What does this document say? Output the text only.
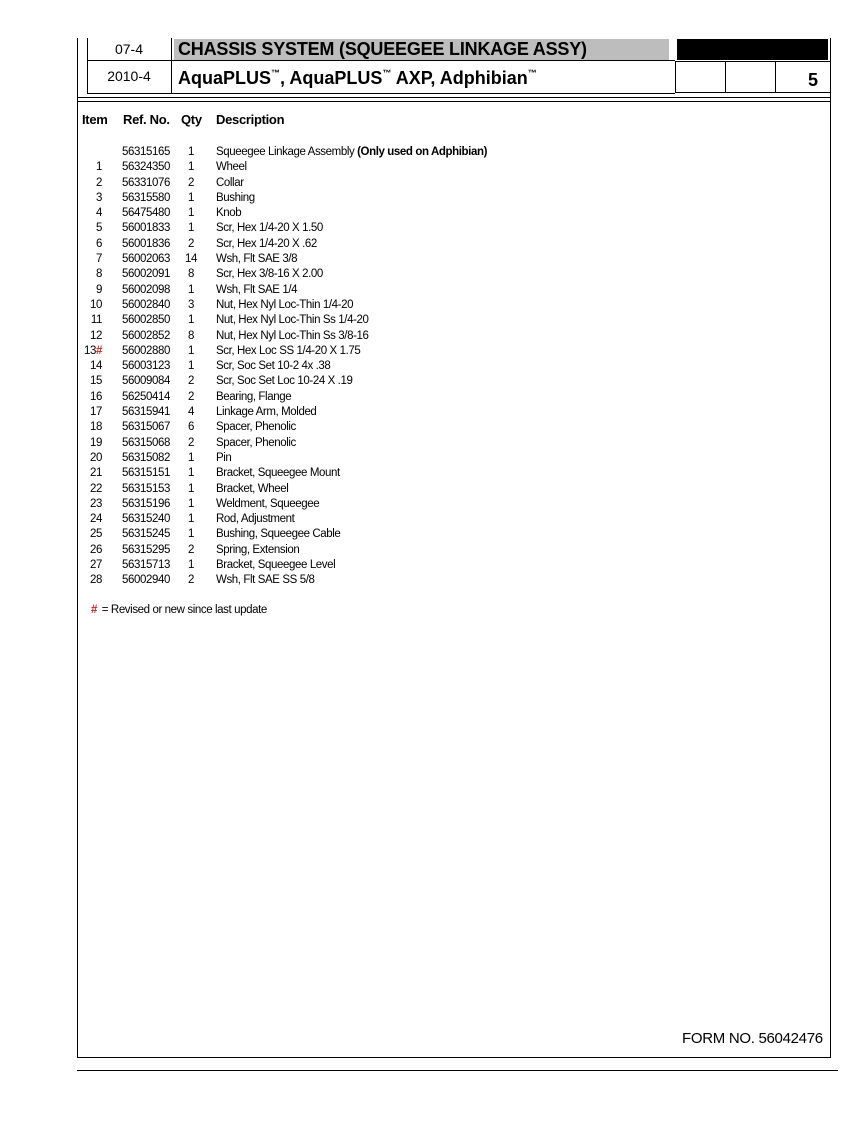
07-4
2010-4
CHASSIS SYSTEM (SQUEEGEE LINKAGE ASSY)
AquaPLUS™, AquaPLUS™ AXP, Adphibian™	5
Item Ref. No. Qty Description
56315165	1	Squeegee Linkage Assembly (Only used on Adphibian)
1 56324350	1	Wheel
2 56331076	2	Collar
3 56315580	1	Bushing
4 56475480	1	Knob
5 56001833	1	Scr, Hex 1/4-20 X 1.50
6 56001836	2	Scr, Hex 1/4-20 X .62
7 56002063	14	Wsh, Flt SAE 3/8
8 56002091	8	Scr, Hex 3/8-16 X 2.00
9 56002098	1	Wsh, Flt SAE 1/4
10 56002840	3	Nut, Hex Nyl Loc-Thin 1/4-20
11 56002850	1	Nut, Hex Nyl Loc-Thin Ss 1/4-20
12 56002852	8	Nut, Hex Nyl Loc-Thin Ss 3/8-16
13# 56002880	1	Scr, Hex Loc SS 1/4-20 X 1.75
14 56003123	1	Scr, Soc Set 10-2 4x .38
15 56009084	2	Scr, Soc Set Loc 10-24 X .19
16 56250414	2	Bearing, Flange
17 56315941	4	Linkage Arm, Molded
18 56315067	6	Spacer, Phenolic
19 56315068	2	Spacer, Phenolic
20 56315082	1	Pin
21 56315151	1	Bracket, Squeegee Mount
22 56315153	1	Bracket, Wheel
23 56315196	1	Weldment, Squeegee
24 56315240	1	Rod, Adjustment
25 56315245	1	Bushing, Squeegee Cable
26 56315295	2	Spring, Extension
27 56315713	1	Bracket, Squeegee Level
28 56002940	2	Wsh, Flt SAE SS 5/8
# = Revised or new since last update
FORM NO. 56042476
